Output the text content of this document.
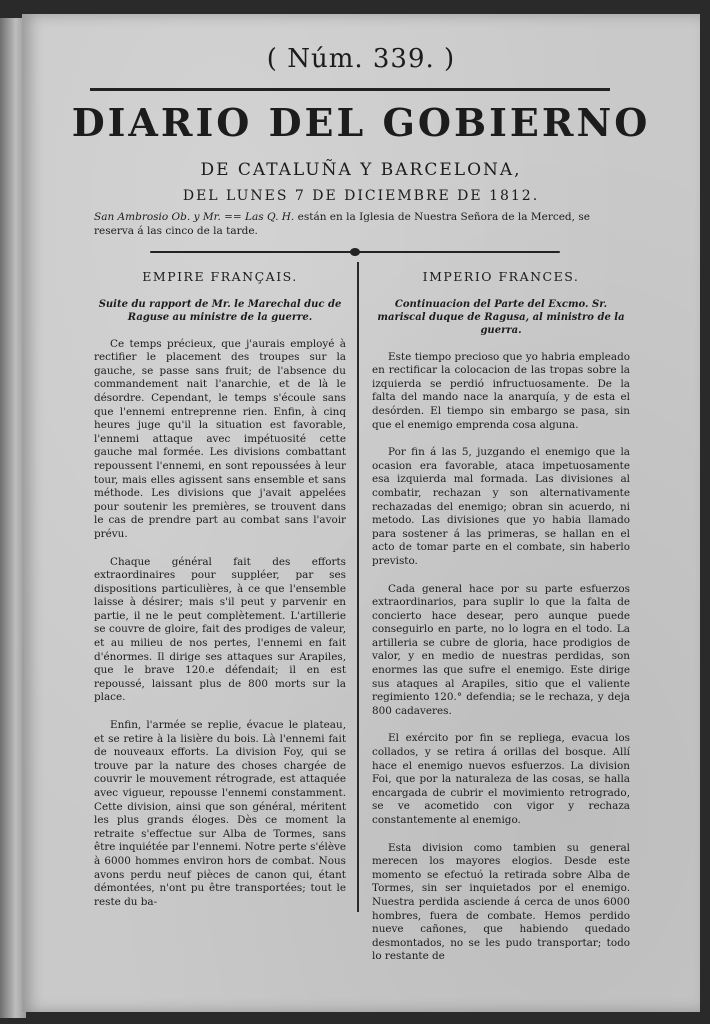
( Núm. 339. )
DIARIO DEL GOBIERNO
DE CATALUÑA Y BARCELONA,
DEL LUNES 7 DE DICIEMBRE DE 1812.
San Ambrosio Ob. y Mr. == Las Q. H. están en la Iglesia de Nuestra Señora de la Merced, se reserva á las cinco de la tarde.
EMPIRE FRANÇAIS.
Suite du rapport de Mr. le Marechal duc de Raguse au ministre de la guerre.

Ce temps précieux, que j'aurais employé à rectifier le placement des troupes sur la gauche, se passe sans fruit; de l'absence du commandement nait l'anarchie, et de là le désordre. Cependant, le temps s'écoule sans que l'ennemi entreprenne rien. Enfin, à cinq heures juge qu'il la situation est favorable, l'ennemi attaque avec impétuosité cette gauche mal formée. Les divisions combattant repoussent l'ennemi, en sont repoussées à leur tour, mais elles agissent sans ensemble et sans méthode. Les divisions que j'avait appelées pour soutenir les premières, se trouvent dans le cas de prendre part au combat sans l'avoir prévu.

Chaque général fait des efforts extraordinaires pour suppléer, par ses dispositions particulières, à ce que l'ensemble laisse à désirer; mais s'il peut y parvenir en partie, il ne le peut complètement. L'artillerie se couvre de gloire, fait des prodiges de valeur, et au milieu de nos pertes, l'ennemi en fait d'énormes. Il dirige ses attaques sur Arapiles, que le brave 120.e défendait; il en est repoussé, laissant plus de 800 morts sur la place.

Enfin, l'armée se replie, évacue le plateau, et se retire à la lisière du bois. Là l'ennemi fait de nouveaux efforts. La division Foy, qui se trouve par la nature des choses chargée de couvrir le mouvement rétrograde, est attaquée avec vigueur, repousse l'ennemi constamment. Cette division, ainsi que son général, méritent les plus grands éloges. Dès ce moment la retraite s'effectue sur Alba de Tormes, sans être inquiétée par l'ennemi. Notre perte s'élève à 6000 hommes environ hors de combat. Nous avons perdu neuf pièces de canon qui, étant démontées, n'ont pu être transportées; tout le reste du ba-

IMPERIO FRANCES.
Continuacion del Parte del Excmo. Sr. mariscal duque de Ragusa, al ministro de la guerra.

Este tiempo precioso que yo habria empleado en rectificar la colocacion de las tropas sobre la izquierda se perdió infructuosamente. De la falta del mando nace la anarquía, y de esta el desórden. El tiempo sin embargo se pasa, sin que el enemigo emprenda cosa alguna.

Por fin á las 5, juzgando el enemigo que la ocasion era favorable, ataca impetuosamente esa izquierda mal formada. Las divisiones al combatir, rechazan y son alternativamente rechazadas del enemigo; obran sin acuerdo, ni metodo. Las divisiones que yo habia llamado para sostener á las primeras, se hallan en el acto de tomar parte en el combate, sin haberlo previsto.

Cada general hace por su parte esfuerzos extraordinarios, para suplir lo que la falta de concierto hace desear, pero aunque puede conseguirlo en parte, no lo logra en el todo. La artilleria se cubre de gloria, hace prodigios de valor, y en medio de nuestras perdidas, son enormes las que sufre el enemigo. Este dirige sus ataques al Arapiles, sitio que el valiente regimiento 120.° defendia; se le rechaza, y deja 800 cadaveres.

El exército por fin se repliega, evacua los collados, y se retira á orillas del bosque. Allí hace el enemigo nuevos esfuerzos. La division Foi, que por la naturaleza de las cosas, se halla encargada de cubrir el movimiento retrogrado, se ve acometido con vigor y rechaza constantemente al enemigo.

Esta division como tambien su general merecen los mayores elogios. Desde este momento se efectuó la retirada sobre Alba de Tormes, sin ser inquietados por el enemigo. Nuestra perdida asciende á cerca de unos 6000 hombres, fuera de combate. Hemos perdido nueve cañones, que habiendo quedado desmontados, no se les pudo transportar; todo lo restante de
